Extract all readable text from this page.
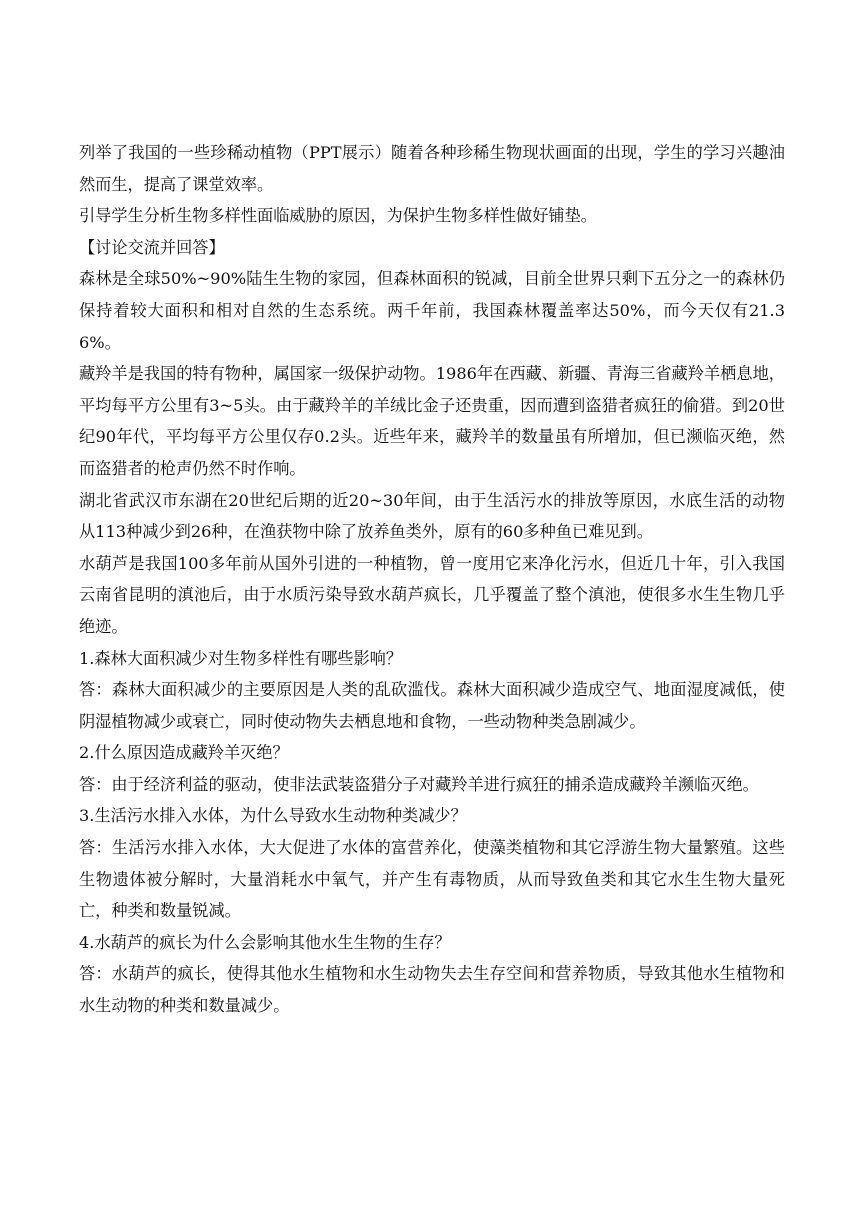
列举了我国的一些珍稀动植物（PPT展示）随着各种珍稀生物现状画面的出现，学生的学习兴趣油然而生，提高了课堂效率。

引导学生分析生物多样性面临威胁的原因，为保护生物多样性做好铺垫。

【讨论交流并回答】

森林是全球50%~90%陆生生物的家园，但森林面积的锐减，目前全世界只剩下五分之一的森林仍保持着较大面积和相对自然的生态系统。两千年前，我国森林覆盖率达50%，而今天仅有21.36%。

藏羚羊是我国的特有物种，属国家一级保护动物。1986年在西藏、新疆、青海三省藏羚羊栖息地，平均每平方公里有3~5头。由于藏羚羊的羊绒比金子还贵重，因而遭到盗猎者疯狂的偷猎。到20世纪90年代，平均每平方公里仅存0.2头。近些年来，藏羚羊的数量虽有所增加，但已濒临灭绝，然而盗猎者的枪声仍然不时作响。

湖北省武汉市东湖在20世纪后期的近20~30年间，由于生活污水的排放等原因，水底生活的动物从113种减少到26种，在渔获物中除了放养鱼类外，原有的60多种鱼已难见到。

水葫芦是我国100多年前从国外引进的一种植物，曾一度用它来净化污水，但近几十年，引入我国云南省昆明的滇池后，由于水质污染导致水葫芦疯长，几乎覆盖了整个滇池，使很多水生生物几乎绝迹。

1.森林大面积减少对生物多样性有哪些影响？

答：森林大面积减少的主要原因是人类的乱砍滥伐。森林大面积减少造成空气、地面湿度减低，使阴湿植物减少或衰亡，同时使动物失去栖息地和食物，一些动物种类急剧减少。

2.什么原因造成藏羚羊灭绝？

答：由于经济利益的驱动，使非法武装盗猎分子对藏羚羊进行疯狂的捕杀造成藏羚羊濒临灭绝。

3.生活污水排入水体，为什么导致水生动物种类减少？

答：生活污水排入水体，大大促进了水体的富营养化，使藻类植物和其它浮游生物大量繁殖。这些生物遗体被分解时，大量消耗水中氧气，并产生有毒物质，从而导致鱼类和其它水生生物大量死亡，种类和数量锐减。

4.水葫芦的疯长为什么会影响其他水生生物的生存？

答：水葫芦的疯长，使得其他水生植物和水生动物失去生存空间和营养物质，导致其他水生植物和水生动物的种类和数量减少。
